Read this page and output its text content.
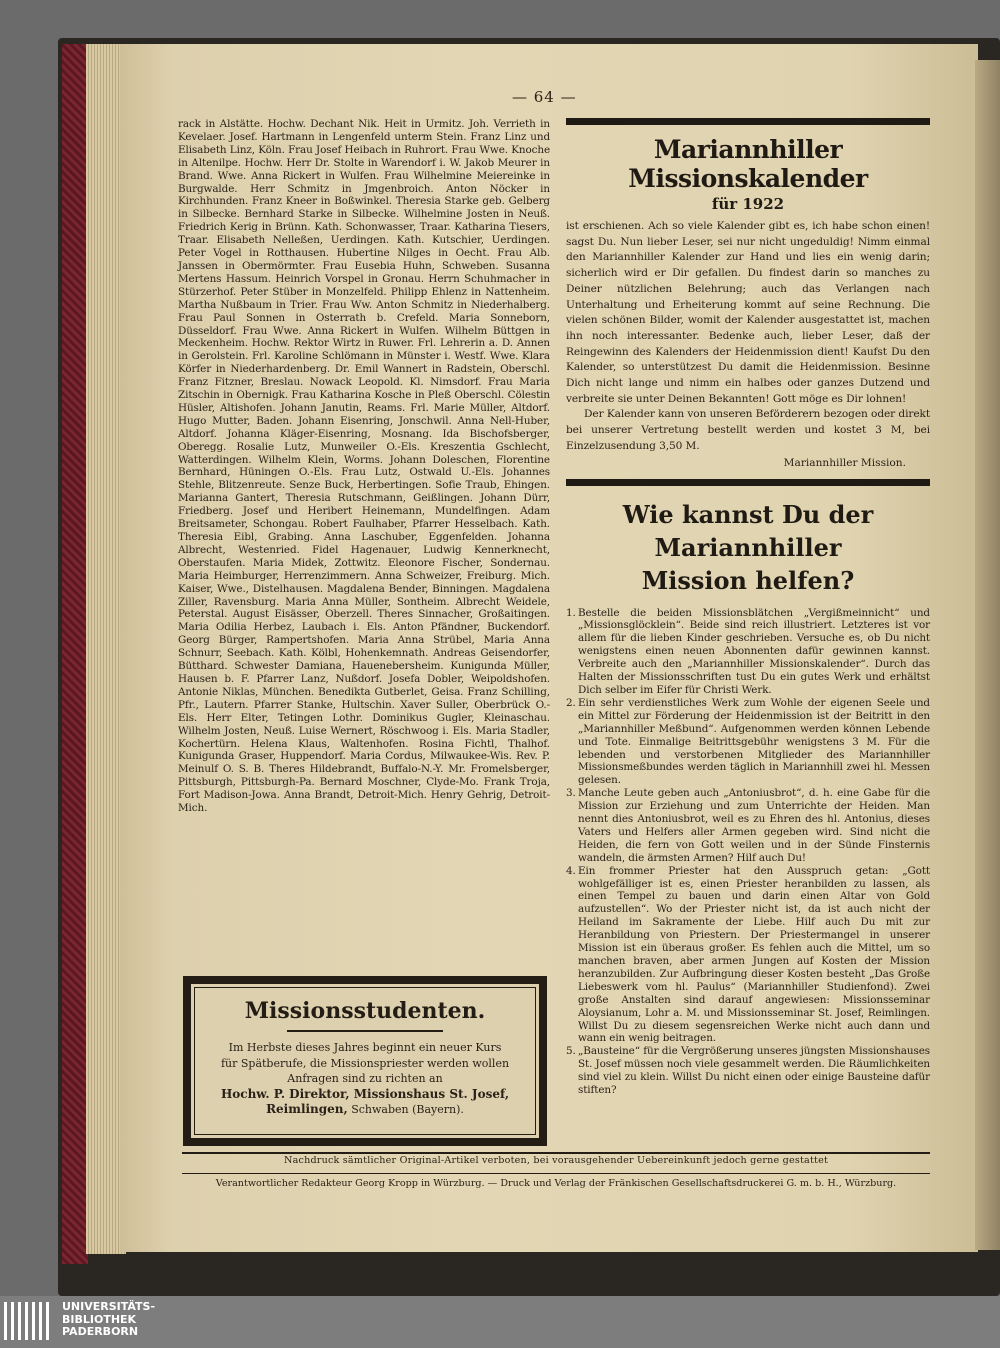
— 64 —

rack in Alstätte. Hochw. Dechant Nik. Heit in Urmitz. Joh. Verrieth in Kevelaer. Josef. Hartmann in Lengenfeld unterm Stein. Franz Linz und Elisabeth Linz, Köln. Frau Josef Heibach in Ruhrort. Frau Wwe. Knoche in Altenilpe. Hochw. Herr Dr. Stolte in Warendorf i. W. Jakob Meurer in Brand. Wwe. Anna Rickert in Wulfen. Frau Wilhelmine Meiereinke in Burgwalde. Herr Schmitz in Jmgenbroich. Anton Nöcker in Kirchhunden. Franz Kneer in Boßwinkel. Theresia Starke geb. Gelberg in Silbecke. Bernhard Starke in Silbecke. Wilhelmine Josten in Neuß. Friedrich Kerig in Brünn. Kath. Schonwasser, Traar. Katharina Tiesers, Traar. Elisabeth Nelleßen, Uerdingen. Kath. Kutschier, Uerdingen. Peter Vogel in Rotthausen. Hubertine Nilges in Oecht. Frau Alb. Janssen in Obermörmter. Frau Eusebia Huhn, Schweben. Susanna Mertens Hassum. Heinrich Vorspel in Gronau. Herrn Schuhmacher in Stürzerhof. Peter Stüber in Monzelfeld. Philipp Ehlenz in Nattenheim. Martha Nußbaum in Trier. Frau Ww. Anton Schmitz in Niederhalberg. Frau Paul Sonnen in Osterrath b. Crefeld. Maria Sonneborn, Düsseldorf. Frau Wwe. Anna Rickert in Wulfen. Wilhelm Büttgen in Meckenheim. Hochw. Rektor Wirtz in Ruwer. Frl. Lehrerin a. D. Annen in Gerolstein. Frl. Karoline Schlömann in Münster i. Westf. Wwe. Klara Körfer in Niederhardenberg. Dr. Emil Wannert in Radstein, Oberschl. Franz Fitzner, Breslau. Nowack Leopold. Kl. Nimsdorf. Frau Maria Zitschin in Obernigk. Frau Katharina Kosche in Pleß Oberschl. Cölestin Hüsler, Altishofen. Johann Janutin, Reams. Frl. Marie Müller, Altdorf. Hugo Mutter, Baden. Johann Eisenring, Jonschwil. Anna Nell-Huber, Altdorf. Johanna Kläger-Eisenring, Mosnang. Ida Bischofsberger, Oberegg. Rosalie Lutz, Munweiler O.-Els. Kreszentia Gschlecht, Watterdingen. Wilhelm Klein, Worms. Johann Doleschen, Florentine Bernhard, Hüningen O.-Els. Frau Lutz, Ostwald U.-Els. Johannes Stehle, Blitzenreute. Senze Buck, Herbertingen. Sofie Traub, Ehingen. Marianna Gantert, Theresia Rutschmann, Geißlingen. Johann Dürr, Friedberg. Josef und Heribert Heinemann, Mundelfingen. Adam Breitsameter, Schongau. Robert Faulhaber, Pfarrer Hesselbach. Kath. Theresia Eibl, Grabing. Anna Laschuber, Eggenfelden. Johanna Albrecht, Westenried. Fidel Hagenauer, Ludwig Kennerknecht, Oberstaufen. Maria Midek, Zottwitz. Eleonore Fischer, Sondernau. Maria Heimburger, Herrenzimmern. Anna Schweizer, Freiburg. Mich. Kaiser, Wwe., Distelhausen. Magdalena Bender, Binningen. Magdalena Ziller, Ravensburg. Maria Anna Müller, Sontheim. Albrecht Weidele, Peterstal. August Eisässer, Oberzell. Theres Sinnacher, Großaitingen. Maria Odilia Herbez, Laubach i. Els. Anton Pfändner, Buckendorf. Georg Bürger, Rampertshofen. Maria Anna Strübel, Maria Anna Schnurr, Seebach. Kath. Kölbl, Hohenkemnath. Andreas Geisendorfer, Bütthard. Schwester Damiana, Hauenebersheim. Kunigunda Müller, Hausen b. F. Pfarrer Lanz, Nußdorf. Josefa Dobler, Weipoldshofen. Antonie Niklas, München. Benedikta Gutberlet, Geisa. Franz Schilling, Pfr., Lautern. Pfarrer Stanke, Hultschin. Xaver Suller, Oberbrück O.-Els. Herr Elter, Tetingen Lothr. Dominikus Gugler, Kleinaschau. Wilhelm Josten, Neuß. Luise Wernert, Röschwoog i. Els. Maria Stadler, Kochertürn. Helena Klaus, Waltenhofen. Rosina Fichtl, Thalhof. Kunigunda Graser, Huppendorf. Maria Cordus, Milwaukee-Wis. Rev. P. Meinulf O. S. B. Theres Hildebrandt, Buffalo-N.-Y. Mr. Fromelsberger, Pittsburgh, Pittsburgh-Pa. Bernard Moschner, Clyde-Mo. Frank Troja, Fort Madison-Jowa. Anna Brandt, Detroit-Mich. Henry Gehrig, Detroit-Mich.

Missionsstudenten.
Im Herbste dieses Jahres beginnt ein neuer Kurs
für Spätberufe, die Missionspriester werden wollen
Anfragen sind zu richten an
Hochw. P. Direktor, Missionshaus St. Josef,
Reimlingen, Schwaben (Bayern).
Mariannhiller Missionskalender
für 1922

ist erschienen. Ach so viele Kalender gibt es, ich habe schon einen! sagst Du. Nun lieber Leser, sei nur nicht ungeduldig! Nimm einmal den Mariannhiller Kalender zur Hand und lies ein wenig darin; sicherlich wird er Dir gefallen. Du findest darin so manches zu Deiner nützlichen Belehrung; auch das Verlangen nach Unterhaltung und Erheiterung kommt auf seine Rechnung. Die vielen schönen Bilder, womit der Kalender ausgestattet ist, machen ihn noch interessanter. Bedenke auch, lieber Leser, daß der Reingewinn des Kalenders der Heidenmission dient! Kaufst Du den Kalender, so unterstützest Du damit die Heidenmission. Besinne Dich nicht lange und nimm ein halbes oder ganzes Dutzend und verbreite sie unter Deinen Bekannten! Gott möge es Dir lohnen!

Der Kalender kann von unseren Beförderern bezogen oder direkt bei unserer Vertretung bestellt werden und kostet 3 M, bei Einzelzusendung 3,50 M.

Mariannhiller Mission.
Wie kannst Du der Mariannhiller
Mission helfen?
1. Bestelle die beiden Missionsblätchen „Vergißmeinnicht“ und „Missionsglöcklein“. Beide sind reich illustriert. Letzteres ist vor allem für die lieben Kinder geschrieben. Versuche es, ob Du nicht wenigstens einen neuen Abonnenten dafür gewinnen kannst. Verbreite auch den „Mariannhiller Missionskalender“. Durch das Halten der Missionsschriften tust Du ein gutes Werk und erhältst Dich selber im Eifer für Christi Werk.
2. Ein sehr verdienstliches Werk zum Wohle der eigenen Seele und ein Mittel zur Förderung der Heidenmission ist der Beitritt in den „Mariannhiller Meßbund“. Aufgenommen werden können Lebende und Tote. Einmalige Beitrittsgebühr wenigstens 3 M. Für die lebenden und verstorbenen Mitglieder des Mariannhiller Missionsmeßbundes werden täglich in Mariannhill zwei hl. Messen gelesen.
3. Manche Leute geben auch „Antoniusbrot“, d. h. eine Gabe für die Mission zur Erziehung und zum Unterrichte der Heiden. Man nennt dies Antoniusbrot, weil es zu Ehren des hl. Antonius, dieses Vaters und Helfers aller Armen gegeben wird. Sind nicht die Heiden, die fern von Gott weilen und in der Sünde Finsternis wandeln, die ärmsten Armen? Hilf auch Du!
4. Ein frommer Priester hat den Ausspruch getan: „Gott wohlgefälliger ist es, einen Priester heranbilden zu lassen, als einen Tempel zu bauen und darin einen Altar von Gold aufzustellen“. Wo der Priester nicht ist, da ist auch nicht der Heiland im Sakramente der Liebe. Hilf auch Du mit zur Heranbildung von Priestern. Der Priestermangel in unserer Mission ist ein überaus großer. Es fehlen auch die Mittel, um so manchen braven, aber armen Jungen auf Kosten der Mission heranzubilden. Zur Aufbringung dieser Kosten besteht „Das Große Liebeswerk vom hl. Paulus“ (Mariannhiller Studienfond). Zwei große Anstalten sind darauf angewiesen: Missionsseminar Aloysianum, Lohr a. M. und Missionsseminar St. Josef, Reimlingen. Willst Du zu diesem segensreichen Werke nicht auch dann und wann ein wenig beitragen.
5. „Bausteine“ für die Vergrößerung unseres jüngsten Missionshauses St. Josef müssen noch viele gesammelt werden. Die Räumlichkeiten sind viel zu klein. Willst Du nicht einen oder einige Bausteine dafür stiften?
Nachdruck sämtlicher Original-Artikel verboten, bei vorausgehender Uebereinkunft jedoch gerne gestattet
Verantwortlicher Redakteur Georg Kropp in Würzburg. — Druck und Verlag der Fränkischen Gesellschaftsdruckerei G. m. b. H., Würzburg.
UNIVERSITÄTS-
BIBLIOTHEK
PADERBORN
